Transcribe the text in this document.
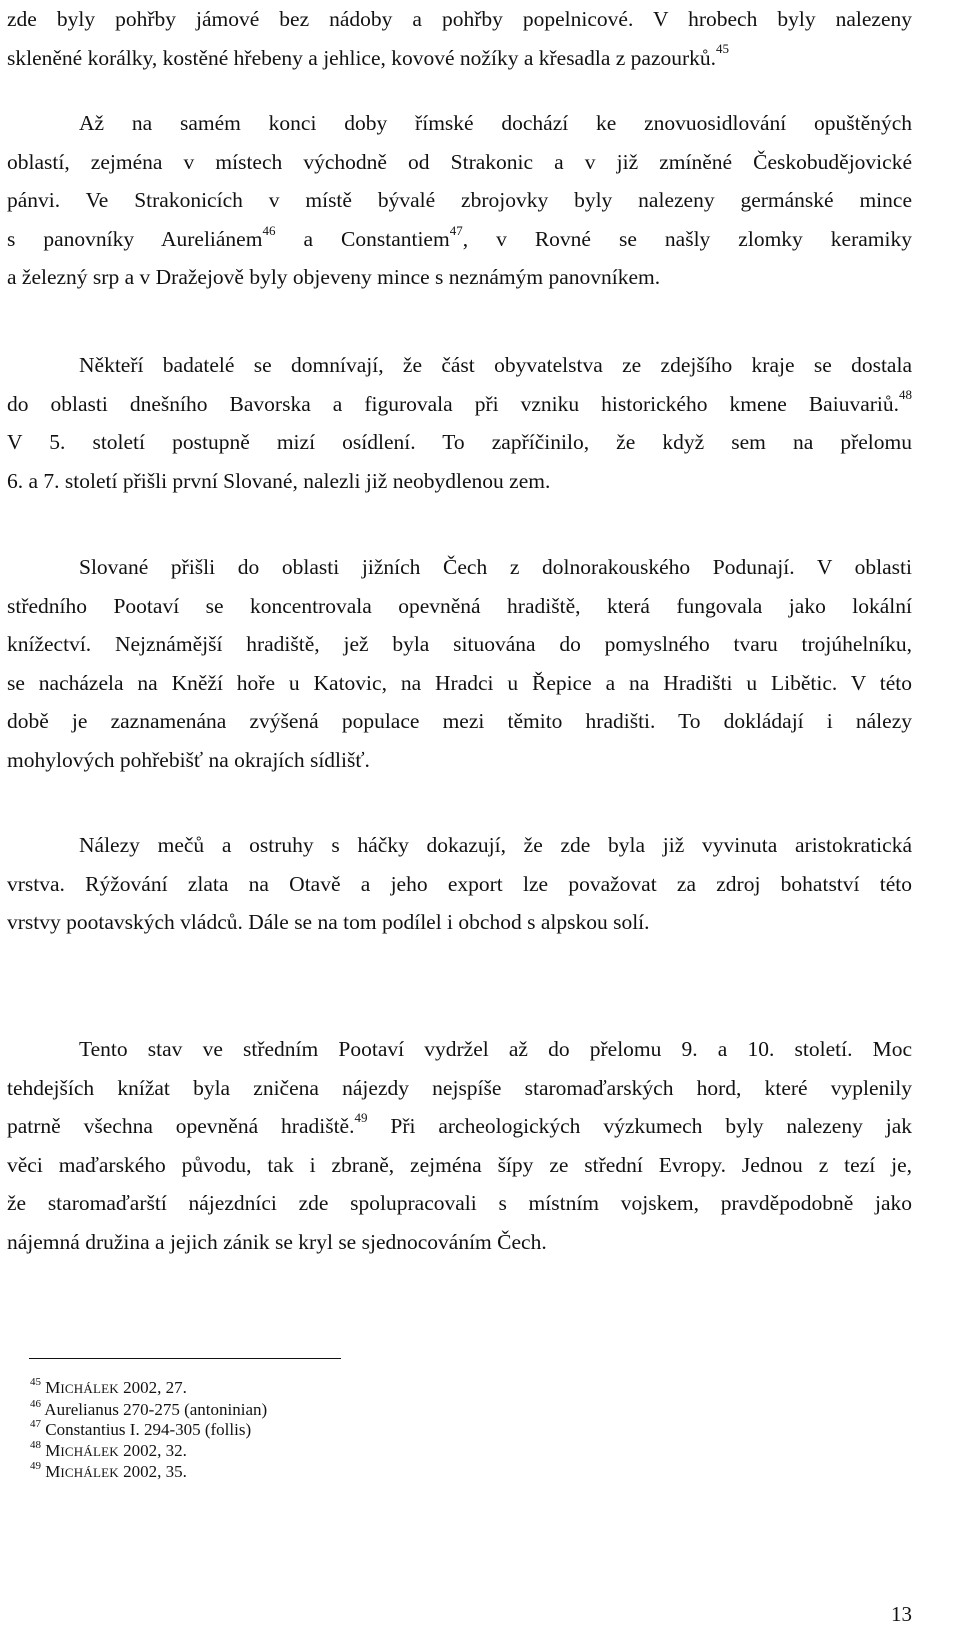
zde byly pohřby jámové bez nádoby a pohřby popelnicové. V hrobech byly nalezeny
skleněné korálky, kostěné hřebeny a jehlice, kovové nožíky a křesadla z pazourků.$^{45}$

Až na samém konci doby římské dochází ke znovuosidlování opuštěných
oblastí, zejména v místech východně od Strakonic a v již zmíněné Českobudějovické
pánvi. Ve Strakonicích v místě bývalé zbrojovky byly nalezeny germánské mince
s panovníky Aureliánem$^{46}$ a Constantiem$^{47}$, v Rovné se našly zlomky keramiky
a železný srp a v Dražejově byly objeveny mince s neznámým panovníkem.

Někteří badatelé se domnívají, že část obyvatelstva ze zdejšího kraje se dostala
do oblasti dnešního Bavorska a figurovala při vzniku historického kmene Baiuvariů.$^{48}$
V 5. století postupně mizí osídlení. To zapříčinilo, že když sem na přelomu
6. a 7. století přišli první Slované, nalezli již neobydlenou zem.

Slované přišli do oblasti jižních Čech z dolnorakouského Podunají. V oblasti
středního Pootaví se koncentrovala opevněná hradiště, která fungovala jako lokální
knížectví. Nejznámější hradiště, jež byla situována do pomyslného tvaru trojúhelníku,
se nacházela na Kněží hoře u Katovic, na Hradci u Řepice a na Hradišti u Libětic. V této
době je zaznamenána zvýšená populace mezi těmito hradišti. To dokládají i nálezy
mohylových pohřebišť na okrajích sídlišť.

Nálezy mečů a ostruhy s háčky dokazují, že zde byla již vyvinuta aristokratická
vrstva. Rýžování zlata na Otavě a jeho export lze považovat za zdroj bohatství této
vrstvy pootavských vládců. Dále se na tom podílel i obchod s alpskou solí.

Tento stav ve středním Pootaví vydržel až do přelomu 9. a 10. století. Moc
tehdejších knížat byla zničena nájezdy nejspíše staromaďarských hord, které vyplenily
patrně všechna opevněná hradiště.$^{49}$ Při archeologických výzkumech byly nalezeny jak
věci maďarského původu, tak i zbraně, zejména šípy ze střední Evropy. Jednou z tezí je,
že staromaďarští nájezdníci zde spolupracovali s místním vojskem, pravděpodobně jako
nájemná družina a jejich zánik se kryl se sjednocováním Čech.

$^{45}$ MICHÁLEK 2002, 27.
$^{46}$ Aurelianus 270-275 (antoninian)
$^{47}$ Constantius I. 294-305 (follis)
$^{48}$ MICHÁLEK 2002, 32.
$^{49}$ MICHÁLEK 2002, 35.
13
